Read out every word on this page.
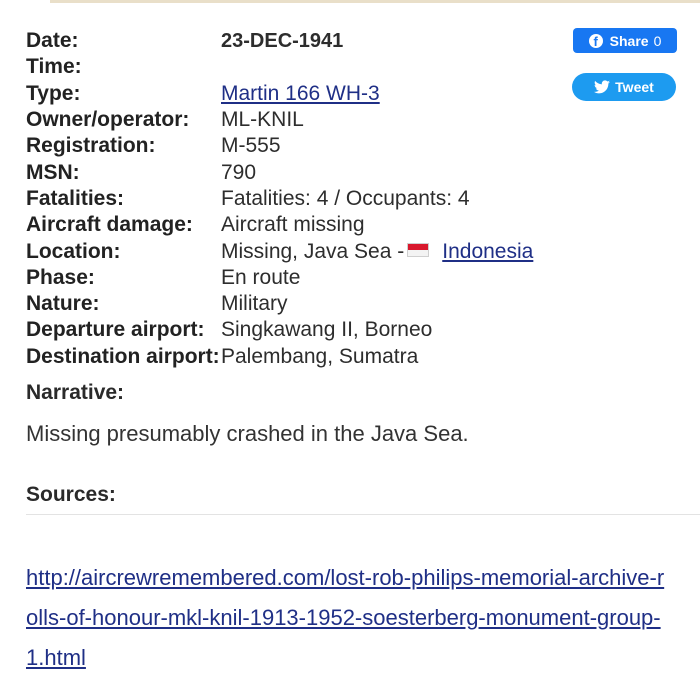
Date:	23-DEC-1941
Time:	
Type:	Martin 166 WH-3
Owner/operator:	ML-KNIL
Registration:	M-555
MSN:	790
Fatalities:	Fatalities: 4 / Occupants: 4
Aircraft damage:	Aircraft missing
Location:	Missing, Java Sea - Indonesia
Phase:	En route
Nature:	Military
Departure airport:	Singkawang II, Borneo
Destination airport:	Palembang, Sumatra
f Share 0
Tweet
Narrative:
Missing presumably crashed in the Java Sea.
Sources:
http://aircrewremembered.com/lost-rob-philips-memorial-archive-rolls-of-honour-mkl-knil-1913-1952-soesterberg-monument-group-1.html
